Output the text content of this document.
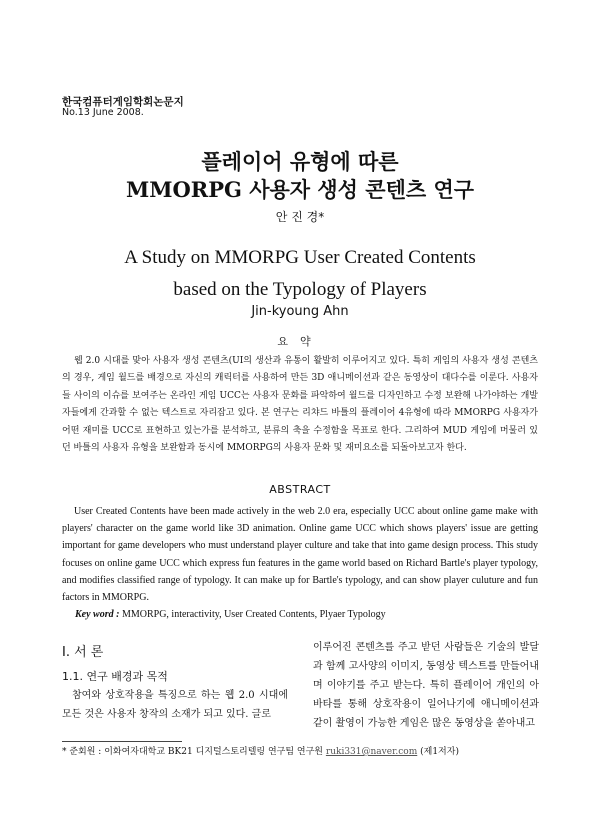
한국컴퓨터게임학회논문지
No.13 June 2008.
플레이어 유형에 따른
MMORPG 사용자 생성 콘텐츠 연구
안 진 경*
A Study on MMORPG User Created Contents
based on the Typology of Players
Jin-kyoung Ahn
요약
웹 2.0 시대를 맞아 사용자 생성 콘텐츠(UI의 생산과 유통이 활발히 이루어지고 있다. 특히 게임의 사용자 생성 콘텐츠의 경우, 게임 월드를 배경으로 자신의 캐릭터를 사용하여 만든 3D 애니메이션과 같은 동영상이 대다수를 이룬다. 사용자들 사이의 이슈를 보여주는 온라인 게임 UCC는 사용자 문화를 파악하여 월드를 디자인하고 수정 보완해 나가야하는 개발자들에게 간과할 수 없는 텍스트로 자리잡고 있다. 본 연구는 리챠드 바틀의 플레이어 4유형에 따라 MMORPG 사용자가 어떤 재미를 UCC로 표현하고 있는가를 분석하고, 분류의 축을 수정함을 목표로 한다. 그리하여 MUD 게임에 머물러 있던 바틀의 사용자 유형을 보완함과 동시에 MMORPG의 사용자 문화 및 재미요소를 되돌아보고자 한다.
ABSTRACT
User Created Contents have been made actively in the web 2.0 era, especially UCC about online game make with players' character on the game world like 3D animation. Online game UCC which shows players' issue are getting important for game developers who must understand player culture and take that into game design process. This study focuses on online game UCC which express fun features in the game world based on Richard Bartle's player typology, and modifies classified range of typology. It can make up for Bartle's typology, and can show player culuture and fun factors in MMORPG.
Key word : MMORPG, interactivity, User Created Contents, Plyaer Typology
Ⅰ. 서 론
1.1. 연구 배경과 목적
참여와 상호작용을 특징으로 하는 웹 2.0 시대에 모든 것은 사용자 창작의 소재가 되고 있다. 글로
이루어진 콘텐츠를 주고 받던 사람들은 기술의 발달과 함께 고사양의 이미지, 동영상 텍스트를 만들어내며 이야기를 주고 받는다. 특히 플레이어 개인의 아바타를 통해 상호작용이 일어나기에 애니메이션과 같이 촬영이 가능한 게임은 많은 동영상을 쏟아내고
* 준회원 : 이화여자대학교 BK21 디지털스토리텔링 연구팀 연구원 ruki331@naver.com (제1저자)
